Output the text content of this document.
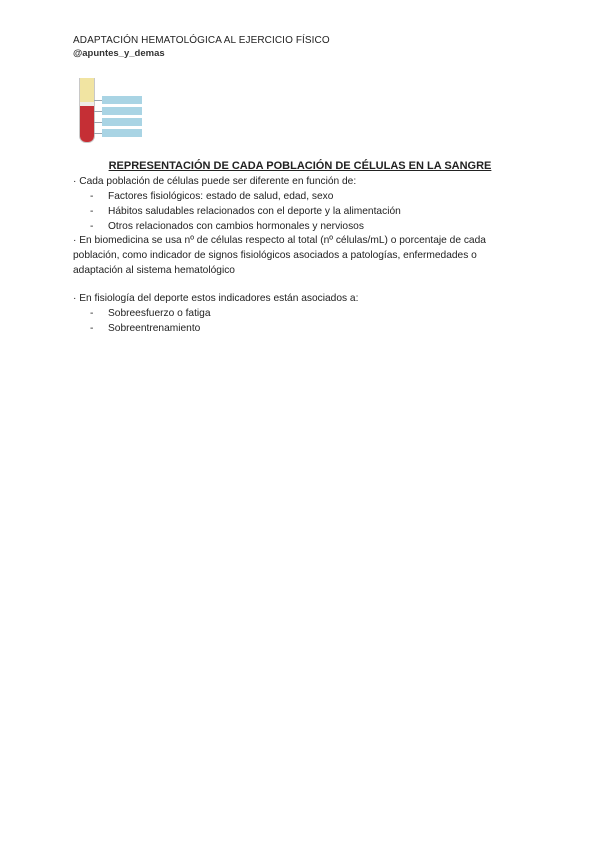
ADAPTACIÓN HEMATOLÓGICA AL EJERCICIO FÍSICO
@apuntes_y_demas
REPRESENTACIÓN DE CADA POBLACIÓN DE CÉLULAS EN LA SANGRE
· Cada población de células puede ser diferente en función de:
- Factores fisiológicos: estado de salud, edad, sexo
- Hábitos saludables relacionados con el deporte y la alimentación
- Otros relacionados con cambios hormonales y nerviosos
· En biomedicina se usa nº de células respecto al total (nº células/mL) o porcentaje de cada población, como indicador de signos fisiológicos asociados a patologías, enfermedades o adaptación al sistema hematológico
· En fisiología del deporte estos indicadores están asociados a:
- Sobreesfuerzo o fatiga
- Sobreentrenamiento
